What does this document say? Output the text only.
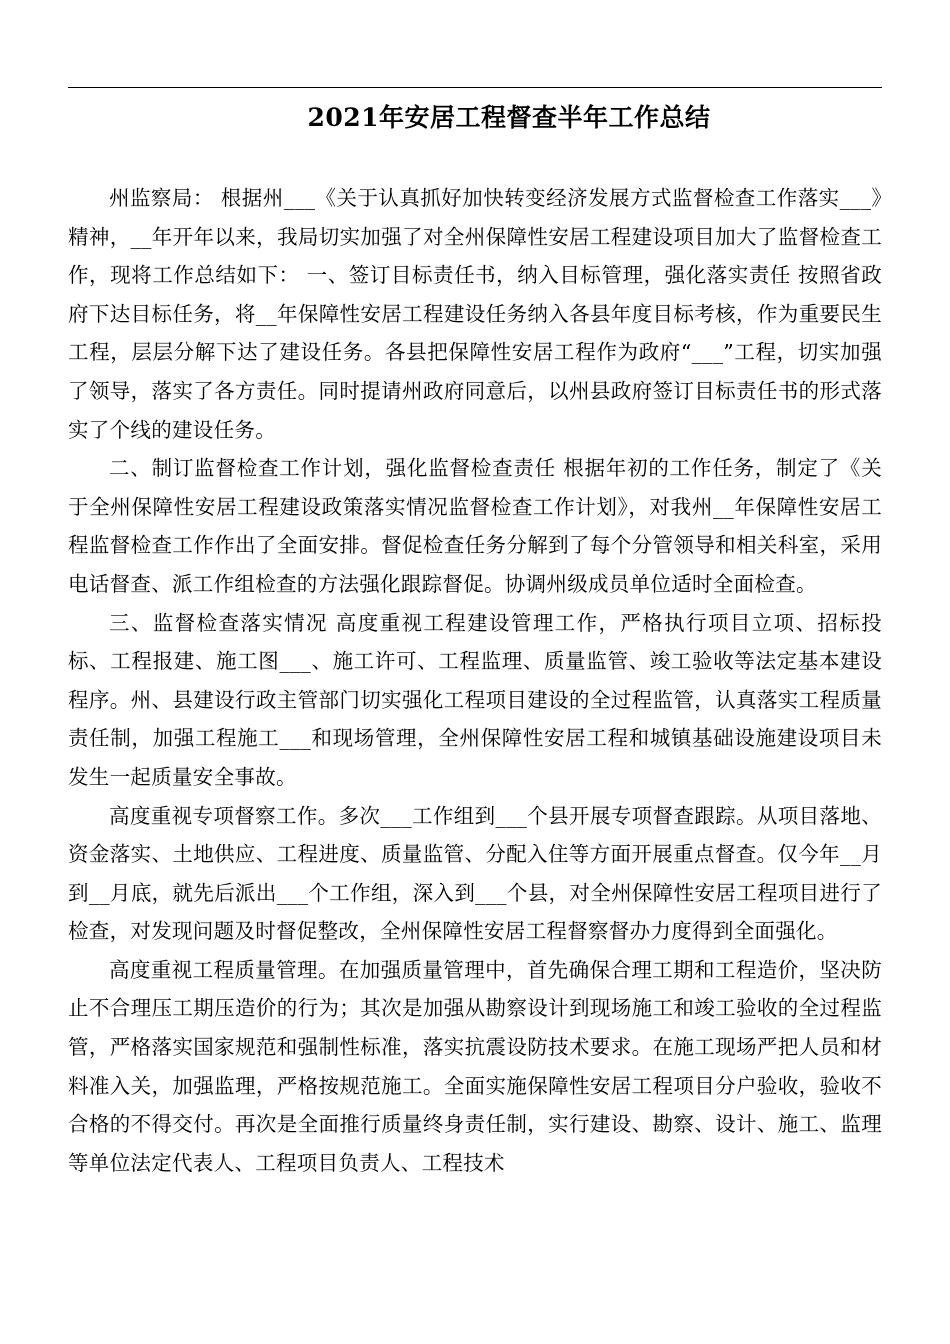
2021年安居工程督查半年工作总结

州监察局： 根据州___《关于认真抓好加快转变经济发展方式监督检查工作落实___》精神，__年开年以来，我局切实加强了对全州保障性安居工程建设项目加大了监督检查工作，现将工作总结如下： 一、签订目标责任书，纳入目标管理，强化落实责任 按照省政府下达目标任务，将__年保障性安居工程建设任务纳入各县年度目标考核，作为重要民生工程，层层分解下达了建设任务。各县把保障性安居工程作为政府“___”工程，切实加强了领导，落实了各方责任。同时提请州政府同意后，以州县政府签订目标责任书的形式落实了个线的建设任务。

二、制订监督检查工作计划，强化监督检查责任 根据年初的工作任务，制定了《关于全州保障性安居工程建设政策落实情况监督检查工作计划》，对我州__年保障性安居工程监督检查工作作出了全面安排。督促检查任务分解到了每个分管领导和相关科室，采用电话督查、派工作组检查的方法强化跟踪督促。协调州级成员单位适时全面检查。

三、监督检查落实情况 高度重视工程建设管理工作，严格执行项目立项、招标投标、工程报建、施工图___、施工许可、工程监理、质量监管、竣工验收等法定基本建设程序。州、县建设行政主管部门切实强化工程项目建设的全过程监管，认真落实工程质量责任制，加强工程施工___和现场管理，全州保障性安居工程和城镇基础设施建设项目未发生一起质量安全事故。

高度重视专项督察工作。多次___工作组到___个县开展专项督查跟踪。从项目落地、资金落实、土地供应、工程进度、质量监管、分配入住等方面开展重点督查。仅今年__月到__月底，就先后派出___个工作组，深入到___个县，对全州保障性安居工程项目进行了检查，对发现问题及时督促整改，全州保障性安居工程督察督办力度得到全面强化。

高度重视工程质量管理。在加强质量管理中，首先确保合理工期和工程造价，坚决防止不合理压工期压造价的行为；其次是加强从勘察设计到现场施工和竣工验收的全过程监管，严格落实国家规范和强制性标准，落实抗震设防技术要求。在施工现场严把人员和材料准入关，加强监理，严格按规范施工。全面实施保障性安居工程项目分户验收，验收不合格的不得交付。再次是全面推行质量终身责任制，实行建设、勘察、设计、施工、监理等单位法定代表人、工程项目负责人、工程技术
